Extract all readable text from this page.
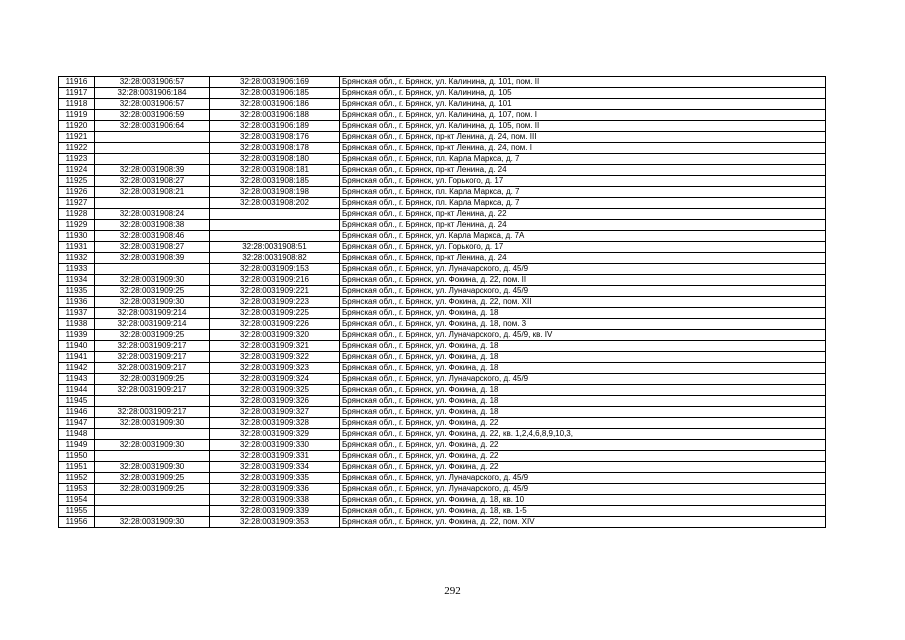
11916	32:28:0031906:57	32:28:0031906:169	Брянская обл., г. Брянск, ул. Калинина, д. 101, пом. II
11917	32:28:0031906:184	32:28:0031906:185	Брянская обл., г. Брянск, ул. Калинина, д. 105
11918	32:28:0031906:57	32:28:0031906:186	Брянская обл., г. Брянск, ул. Калинина, д. 101
11919	32:28:0031906:59	32:28:0031906:188	Брянская обл., г. Брянск, ул. Калинина, д. 107, пом. I
11920	32:28:0031906:64	32:28:0031906:189	Брянская обл., г. Брянск, ул. Калинина, д. 105, пом. II
11921		32:28:0031908:176	Брянская обл., г. Брянск, пр-кт Ленина, д. 24, пом. III
11922		32:28:0031908:178	Брянская обл., г. Брянск, пр-кт Ленина, д. 24, пом. I
11923		32:28:0031908:180	Брянская обл., г. Брянск, пл. Карла Маркса, д. 7
11924	32:28:0031908:39	32:28:0031908:181	Брянская обл., г. Брянск, пр-кт Ленина, д. 24
11925	32:28:0031908:27	32:28:0031908:185	Брянская обл., г. Брянск, ул. Горького, д. 17
11926	32:28:0031908:21	32:28:0031908:198	Брянская обл., г. Брянск, пл. Карла Маркса, д. 7
11927		32:28:0031908:202	Брянская обл., г. Брянск, пл. Карла Маркса, д. 7
11928	32:28:0031908:24		Брянская обл., г. Брянск, пр-кт Ленина, д. 22
11929	32:28:0031908:38		Брянская обл., г. Брянск, пр-кт Ленина, д. 24
11930	32:28:0031908:46		Брянская обл., г. Брянск, ул. Карла Маркса, д. 7А
11931	32:28:0031908:27	32:28:0031908:51	Брянская обл., г. Брянск, ул. Горького, д. 17
11932	32:28:0031908:39	32:28:0031908:82	Брянская обл., г. Брянск, пр-кт Ленина, д. 24
11933		32:28:0031909:153	Брянская обл., г. Брянск, ул. Луначарского, д. 45/9
11934	32:28:0031909:30	32:28:0031909:216	Брянская обл., г. Брянск, ул. Фокина, д. 22, пом. II
11935	32:28:0031909:25	32:28:0031909:221	Брянская обл., г. Брянск, ул. Луначарского, д. 45/9
11936	32:28:0031909:30	32:28:0031909:223	Брянская обл., г. Брянск, ул. Фокина, д. 22, пом. XII
11937	32:28:0031909:214	32:28:0031909:225	Брянская обл., г. Брянск, ул. Фокина, д. 18
11938	32:28:0031909:214	32:28:0031909:226	Брянская обл., г. Брянск, ул. Фокина, д. 18, пом. 3
11939	32:28:0031909:25	32:28:0031909:320	Брянская обл., г. Брянск, ул. Луначарского, д. 45/9, кв. IV
11940	32:28:0031909:217	32:28:0031909:321	Брянская обл., г. Брянск, ул. Фокина, д. 18
11941	32:28:0031909:217	32:28:0031909:322	Брянская обл., г. Брянск, ул. Фокина, д. 18
11942	32:28:0031909:217	32:28:0031909:323	Брянская обл., г. Брянск, ул. Фокина, д. 18
11943	32:28:0031909:25	32:28:0031909:324	Брянская обл., г. Брянск, ул. Луначарского, д. 45/9
11944	32:28:0031909:217	32:28:0031909:325	Брянская обл., г. Брянск, ул. Фокина, д. 18
11945		32:28:0031909:326	Брянская обл., г. Брянск, ул. Фокина, д. 18
11946	32:28:0031909:217	32:28:0031909:327	Брянская обл., г. Брянск, ул. Фокина, д. 18
11947	32:28:0031909:30	32:28:0031909:328	Брянская обл., г. Брянск, ул. Фокина, д. 22
11948		32:28:0031909:329	Брянская обл., г. Брянск, ул. Фокина, д. 22, кв. 1,2,4,6,8,9,10,3,
11949	32:28:0031909:30	32:28:0031909:330	Брянская обл., г. Брянск, ул. Фокина, д. 22
11950		32:28:0031909:331	Брянская обл., г. Брянск, ул. Фокина, д. 22
11951	32:28:0031909:30	32:28:0031909:334	Брянская обл., г. Брянск, ул. Фокина, д. 22
11952	32:28:0031909:25	32:28:0031909:335	Брянская обл., г. Брянск, ул. Луначарского, д. 45/9
11953	32:28:0031909:25	32:28:0031909:336	Брянская обл., г. Брянск, ул. Луначарского, д. 45/9
11954		32:28:0031909:338	Брянская обл., г. Брянск, ул. Фокина, д. 18, кв. 10
11955		32:28:0031909:339	Брянская обл., г. Брянск, ул. Фокина, д. 18, кв. 1-5
11956	32:28:0031909:30	32:28:0031909:353	Брянская обл., г. Брянск, ул. Фокина, д. 22, пом. XIV
292
